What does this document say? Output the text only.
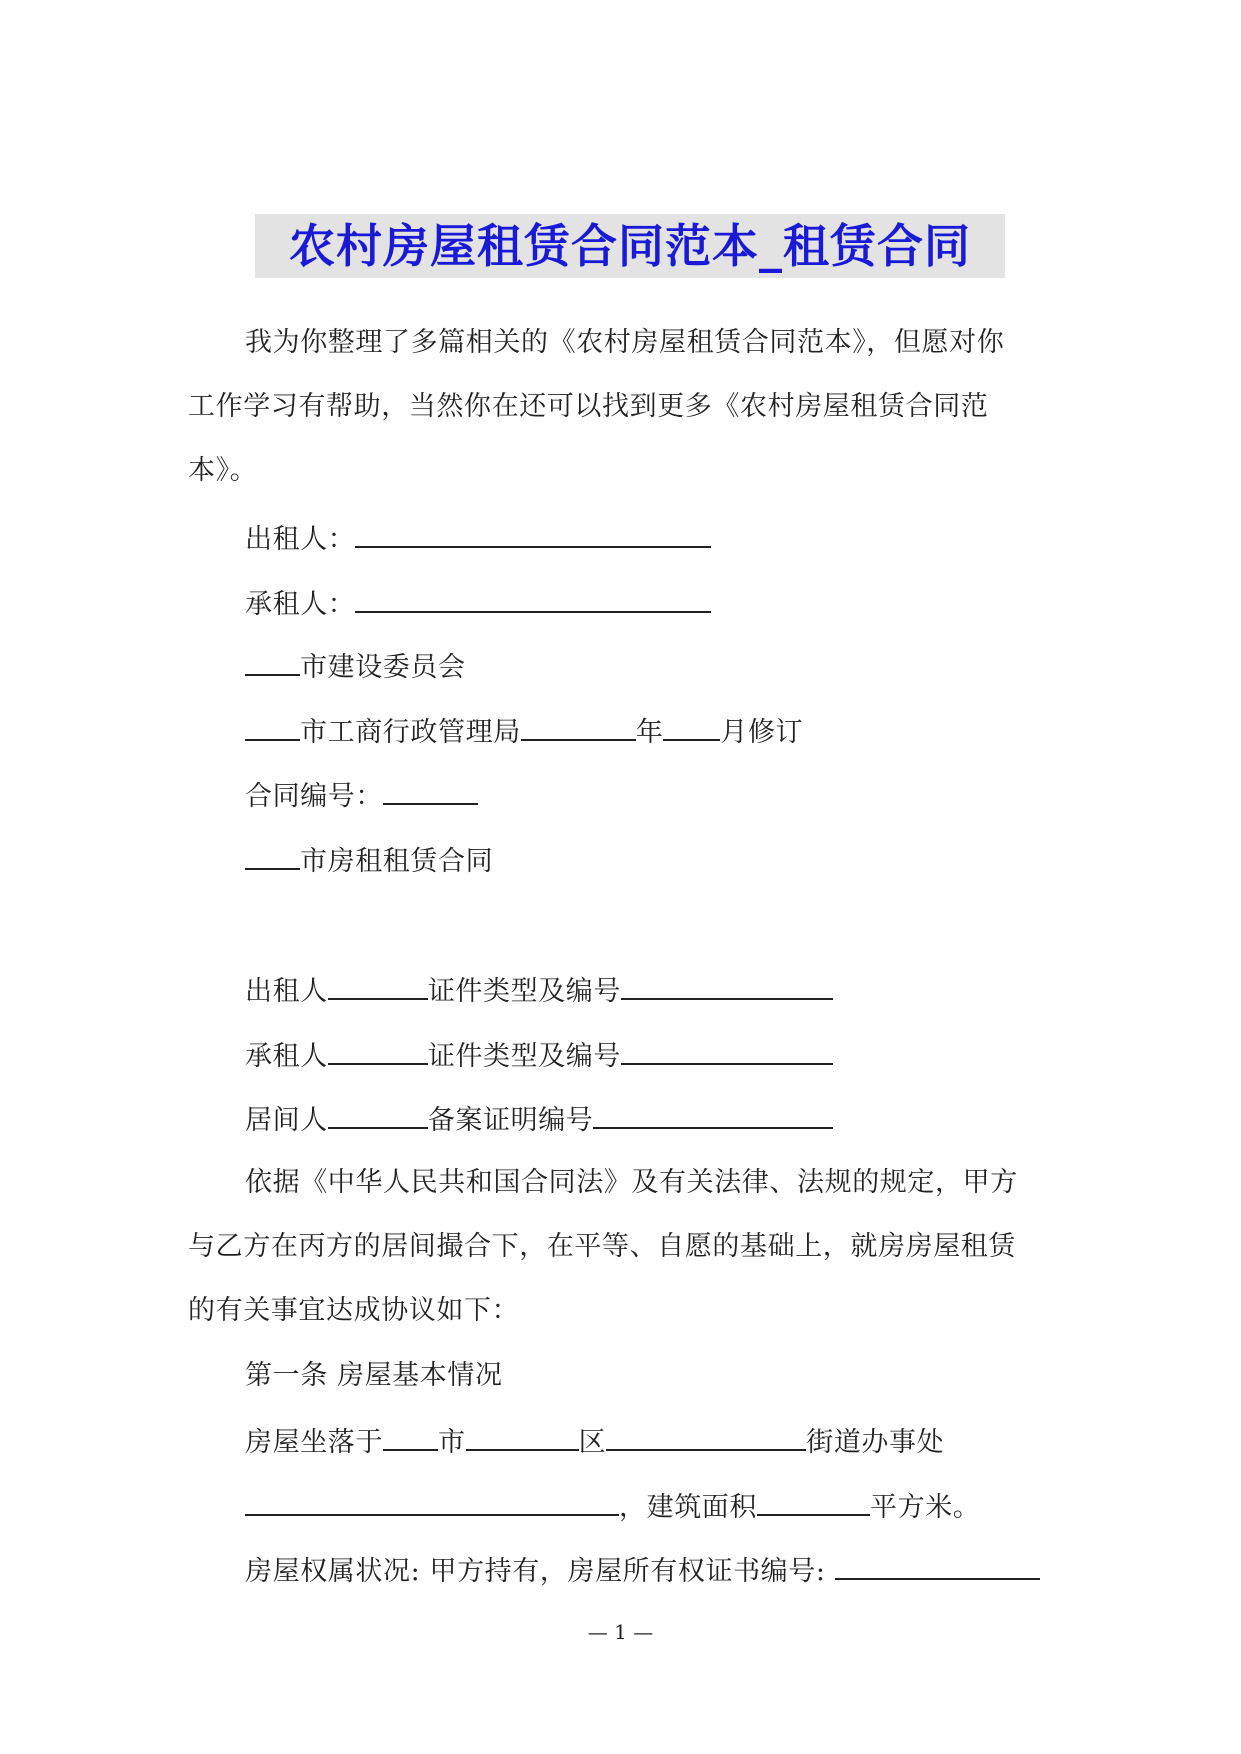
农村房屋租赁合同范本_租赁合同
我为你整理了多篇相关的《农村房屋租赁合同范本》，但愿对你
工作学习有帮助，当然你在还可以找到更多《农村房屋租赁合同范
本》。
出租人：
承租人：
市建设委员会
市工商行政管理局	年 月修订
合同编号：
市房租租赁合同
出租人	证件类型及编号
承租人	证件类型及编号
居间人	备案证明编号
依据《中华人民共和国合同法》及有关法律、法规的规定，甲方
与乙方在丙方的居间撮合下，在平等、自愿的基础上，就房房屋租赁
的有关事宜达成协议如下：
第一条 房屋基本情况
房屋坐落于 市	区	街道办事处
，建筑面积	平方米。
房屋权属状况: 甲方持有，房屋所有权证书编号:
— 1 —
